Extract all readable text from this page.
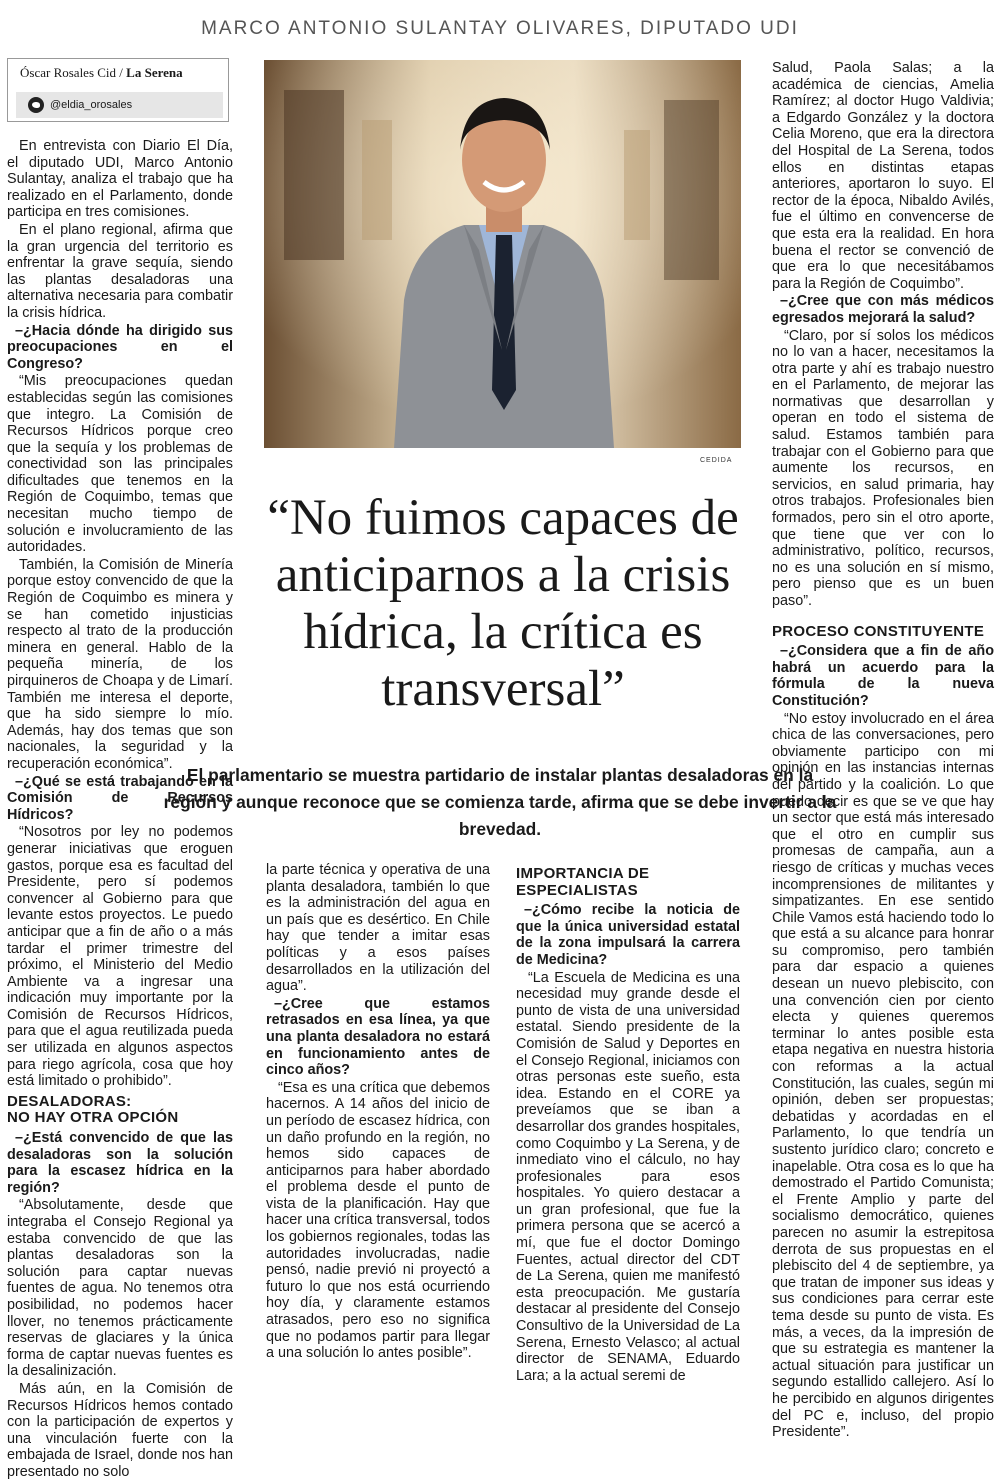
MARCO ANTONIO SULANTAY OLIVARES, DIPUTADO UDI
Óscar Rosales Cid / La Serena
@eldia_orosales

En entrevista con Diario El Día, el diputado UDI, Marco Antonio Sulantay, analiza el trabajo que ha realizado en el Parlamento, donde participa en tres comisiones.

En el plano regional, afirma que la gran urgencia del territorio es enfrentar la grave sequía, siendo las plantas desaladoras una alternativa necesaria para combatir la crisis hídrica.

–¿Hacia dónde ha dirigido sus preocupaciones en el Congreso?

“Mis preocupaciones quedan establecidas según las comisiones que integro. La Comisión de Recursos Hídricos porque creo que la sequía y los problemas de conectividad son las principales dificultades que tenemos en la Región de Coquimbo, temas que necesitan mucho tiempo de solución e involucramiento de las autoridades.

También, la Comisión de Minería porque estoy convencido de que la Región de Coquimbo es minera y se han cometido injusticias respecto al trato de la producción minera en general. Hablo de la pequeña minería, de los pirquineros de Choapa y de Limarí. También me interesa el deporte, que ha sido siempre lo mío. Además, hay dos temas que son nacionales, la seguridad y la recuperación económica”.

–¿Qué se está trabajando en la Comisión de Recursos Hídricos?

“Nosotros por ley no podemos generar iniciativas que eroguen gastos, porque esa es facultad del Presidente, pero sí podemos convencer al Gobierno para que levante estos proyectos. Le puedo anticipar que a fin de año o a más tardar el primer trimestre del próximo, el Ministerio del Medio Ambiente va a ingresar una indicación muy importante por la Comisión de Recursos Hídricos, para que el agua reutilizada pueda ser utilizada en algunos aspectos para riego agrícola, cosa que hoy está limitado o prohibido”.

DESALADORAS:
NO HAY OTRA OPCIÓN

–¿Está convencido de que las desaladoras son la solución para la escasez hídrica en la región?

“Absolutamente, desde que integraba el Consejo Regional ya estaba convencido de que las plantas desaladoras son la solución para captar nuevas fuentes de agua. No tenemos otra posibilidad, no podemos hacer llover, no tenemos prácticamente reservas de glaciares y la única forma de captar nuevas fuentes es la desalinización.

Más aún, en la Comisión de Recursos Hídricos hemos contado con la participación de expertos y una vinculación fuerte con la embajada de Israel, donde nos han presentado no solo

CEDIDA
“No fuimos capaces de anticiparnos a la crisis hídrica, la crítica es transversal”
El parlamentario se muestra partidario de instalar plantas desaladoras en la región y aunque reconoce que se comienza tarde, afirma que se debe invertir a la brevedad.

la parte técnica y operativa de una planta desaladora, también lo que es la administración del agua en un país que es desértico. En Chile hay que tender a imitar esas políticas y a esos países desarrollados en la utilización del agua”.

–¿Cree que estamos retrasados en esa línea, ya que una planta desaladora no estará en funcionamiento antes de cinco años?

“Esa es una crítica que debemos hacernos. A 14 años del inicio de un período de escasez hídrica, con un daño profundo en la región, no hemos sido capaces de anticiparnos para haber abordado el problema desde el punto de vista de la planificación. Hay que hacer una crítica transversal, todos los gobiernos regionales, todas las autoridades involucradas, nadie pensó, nadie previó ni proyectó a futuro lo que nos está ocurriendo hoy día, y claramente estamos atrasados, pero eso no significa que no podamos partir para llegar a una solución lo antes posible”.

IMPORTANCIA DE ESPECIALISTAS

–¿Cómo recibe la noticia de que la única universidad estatal de la zona impulsará la carrera de Medicina?

“La Escuela de Medicina es una necesidad muy grande desde el punto de vista de una universidad estatal. Siendo presidente de la Comisión de Salud y Deportes en el Consejo Regional, iniciamos con otras personas este sueño, esta idea. Estando en el CORE ya preveíamos que se iban a desarrollar dos grandes hospitales, como Coquimbo y La Serena, y de inmediato vino el cálculo, no hay profesionales para esos hospitales. Yo quiero destacar a un gran profesional, que fue la primera persona que se acercó a mí, que fue el doctor Domingo Fuentes, actual director del CDT de La Serena, quien me manifestó esta preocupación. Me gustaría destacar al presidente del Consejo Consultivo de la Universidad de La Serena, Ernesto Velasco; al actual director de SENAMA, Eduardo Lara; a la actual seremi de

Salud, Paola Salas; a la académica de ciencias, Amelia Ramírez; al doctor Hugo Valdivia; a Edgardo González y la doctora Celia Moreno, que era la directora del Hospital de La Serena, todos ellos en distintas etapas anteriores, aportaron lo suyo. El rector de la época, Nibaldo Avilés, fue el último en convencerse de que esta era la realidad. En hora buena el rector se convenció de que era lo que necesitábamos para la Región de Coquimbo”.

–¿Cree que con más médicos egresados mejorará la salud?

“Claro, por sí solos los médicos no lo van a hacer, necesitamos la otra parte y ahí es trabajo nuestro en el Parlamento, de mejorar las normativas que desarrollan y operan en todo el sistema de salud. Estamos también para trabajar con el Gobierno para que aumente los recursos, en servicios, en salud primaria, hay otros trabajos. Profesionales bien formados, pero sin el otro aporte, que tiene que ver con lo administrativo, político, recursos, no es una solución en sí mismo, pero pienso que es un buen paso”.

PROCESO CONSTITUYENTE

–¿Considera que a fin de año habrá un acuerdo para la fórmula de la nueva Constitución?

“No estoy involucrado en el área chica de las conversaciones, pero obviamente participo con mi opinión en las instancias internas del partido y la coalición. Lo que puedo decir es que se ve que hay un sector que está más interesado que el otro en cumplir sus promesas de campaña, aun a riesgo de críticas y muchas veces incomprensiones de militantes y simpatizantes. En ese sentido Chile Vamos está haciendo todo lo que está a su alcance para honrar su compromiso, pero también para dar espacio a quienes desean un nuevo plebiscito, con una convención cien por ciento electa y quienes queremos terminar lo antes posible esta etapa negativa en nuestra historia con reformas a la actual Constitución, las cuales, según mi opinión, deben ser propuestas; debatidas y acordadas en el Parlamento, lo que tendría un sustento jurídico claro; concreto e inapelable. Otra cosa es lo que ha demostrado el Partido Comunista; el Frente Amplio y parte del socialismo democrático, quienes parecen no asumir la estrepitosa derrota de sus propuestas en el plebiscito del 4 de septiembre, ya que tratan de imponer sus ideas y sus condiciones para cerrar este tema desde su punto de vista. Es más, a veces, da la impresión de que su estrategia es mantener la actual situación para justificar un segundo estallido callejero. Así lo he percibido en algunos dirigentes del PC e, incluso, del propio Presidente”.
